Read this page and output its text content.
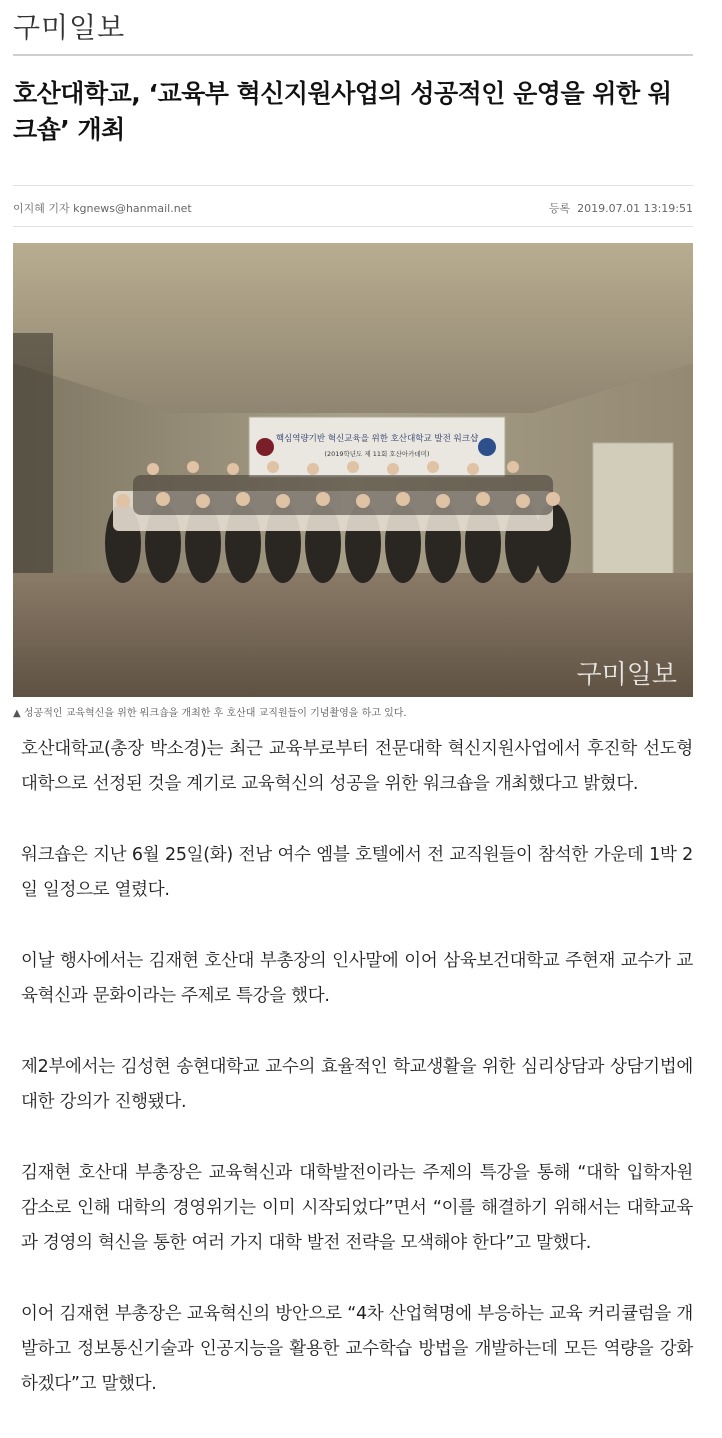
구미일보
호산대학교, ‘교육부 혁신지원사업의 성공적인 운영을 위한 워크숍’ 개최
이지혜 기자 kgnews@hanmail.net	등록 2019.07.01 13:19:51
핵심역량기반 혁신교육을 위한 호산대학교 발전 워크샵
(2019학년도 제 11회 호산아카데미)
구미일보
▲ 성공적인 교육혁신을 위한 워크숍을 개최한 후 호산대 교직원들이 기념촬영을 하고 있다.

호산대학교(총장 박소경)는 최근 교육부로부터 전문대학 혁신지원사업에서 후진학 선도형 대학으로 선정된 것을 계기로 교육혁신의 성공을 위한 워크숍을 개최했다고 밝혔다.

워크숍은 지난 6월 25일(화) 전남 여수 엠블 호텔에서 전 교직원들이 참석한 가운데 1박 2일 일정으로 열렸다.

이날 행사에서는 김재현 호산대 부총장의 인사말에 이어 삼육보건대학교 주현재 교수가 교육혁신과 문화이라는 주제로 특강을 했다.

제2부에서는 김성현 송현대학교 교수의 효율적인 학교생활을 위한 심리상담과 상담기법에 대한 강의가 진행됐다.

김재현 호산대 부총장은 교육혁신과 대학발전이라는 주제의 특강을 통해 “대학 입학자원 감소로 인해 대학의 경영위기는 이미 시작되었다”면서 “이를 해결하기 위해서는 대학교육과 경영의 혁신을 통한 여러 가지 대학 발전 전략을 모색해야 한다”고 말했다.

이어 김재현 부총장은 교육혁신의 방안으로 “4차 산업혁명에 부응하는 교육 커리큘럼을 개발하고 정보통신기술과 인공지능을 활용한 교수학습 방법을 개발하는데 모든 역량을 강화하겠다”고 말했다.
